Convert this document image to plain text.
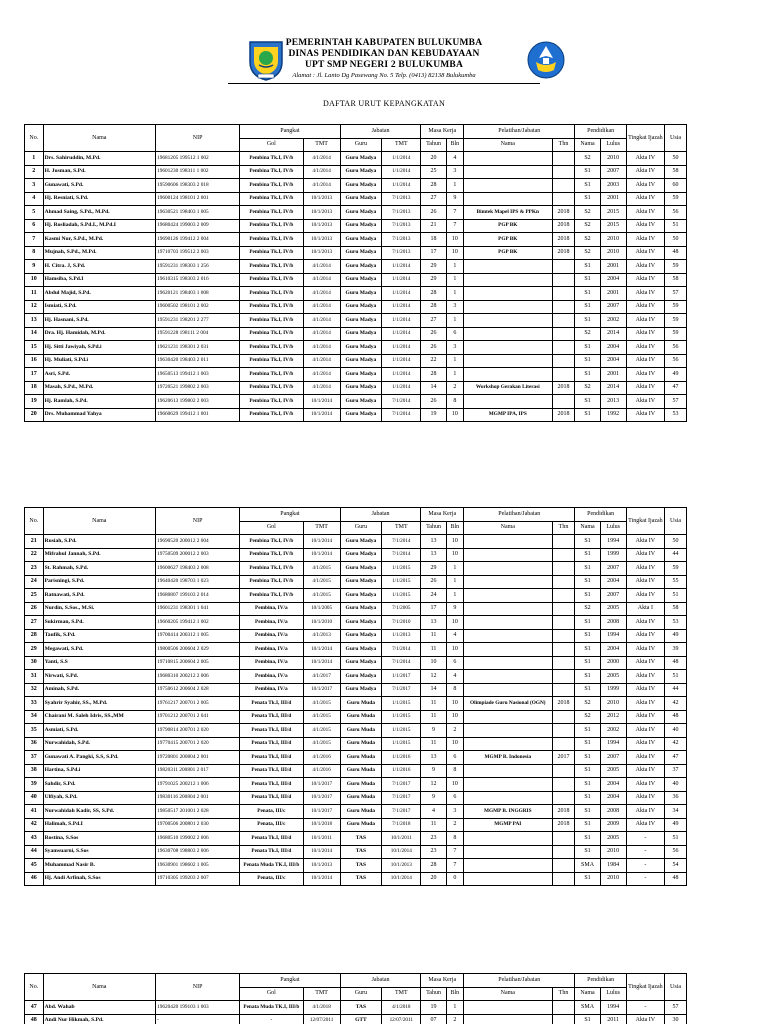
PEMERINTAH KABUPATEN BULUKUMBA
DINAS PENDIDIKAN DAN KEBUDAYAAN
UPT SMP NEGERI 2 BULUKUMBA
Alamat : Jl. Lanto Dg Pasewang No. 5 Telp. (0413) 82138 Bulukumba
DAFTAR URUT KEPANGKATAN
No.	Nama	NIP	Pangkat		Jabatan		Masa Kerja		Pelatihan/Jabatan		Pendidikan		Tingkat Ijazah	Usia
			Gol	TMT	Guru	TMT	Tahun	Bln	Nama	Thn	Nama	Lulus		
1	Drs. Sahiruddin, M.Pd.	19681205 199512 1 002	Pembina Tk.I, IV/b	4/1/2014	Guru Madya	1/1/2014	20	4			S2	2010	Akta IV	50
2	H. Jusman, S.Pd.	19601230 198311 1 002	Pembina Tk.I, IV/b	4/1/2014	Guru Madya	1/1/2014	25	3			S1	2007	Akta IV	58
3	Gunawati, S.Pd.	19590606 198303 2 018	Pembina Tk.I, IV/b	4/1/2014	Guru Madya	1/1/2014	28	1			S1	2003	Akta IV	60
4	Hj. Resniati, S.Pd.	19600124 198101 2 001	Pembina Tk.I, IV/b	10/1/2013	Guru Madya	7/1/2013	27	9			S1	2001	Akta IV	59
5	Ahmad Saing, S.Pd., M.Pd.	19630521 198403 1 005	Pembina Tk.I, IV/b	10/1/2013	Guru Madya	7/1/2013	26	7	Bimtek Mapel IPS & PPKn	2018	S2	2015	Akta IV	56
6	Hj. Rosliadah, S.Pd.I., M.Pd.I	19680424 199003 2 009	Pembina Tk.I, IV/b	10/1/2013	Guru Madya	7/1/2013	21	7	PGP BK	2018	S2	2015	Akta IV	51
7	Kasmi Nur, S.Pd., M.Pd.	19690126 199412 2 004	Pembina Tk.I, IV/b	10/1/2013	Guru Madya	7/1/2013	18	10	PGP BK	2018	S2	2010	Akta IV	50
8	Mujnah, S.Pd., M.Pd.	19710703 199512 2 003	Pembina Tk.I, IV/b	10/1/2013	Guru Madya	7/1/2013	17	10	PGP BK	2018	S2	2010	Akta IV	48
9	H. Citra. J, S.Pd.	19591231 198303 1 256	Pembina Tk.I, IV/b	4/1/2014	Guru Madya	1/1/2014	29	1			S1	2001	Akta IV	59
10	Hamsiba, S.Pd.I	19610315 198303 2 016	Pembina Tk.I, IV/b	4/1/2014	Guru Madya	1/1/2014	29	1			S1	2004	Akta IV	58
11	Abdul Majid, S.Pd.	19620121 198403 1 008	Pembina Tk.I, IV/b	4/1/2014	Guru Madya	1/1/2014	28	1			S1	2001	Akta IV	57
12	Ismiati, S.Pd.	19600502 198101 2 002	Pembina Tk.I, IV/b	4/1/2014	Guru Madya	1/1/2014	28	3			S1	2007	Akta IV	59
13	Hj. Hasnani, S.Pd.	19591231 198201 2 277	Pembina Tk.I, IV/b	4/1/2014	Guru Madya	1/1/2014	27	1			S1	2002	Akta IV	59
14	Dra. Hj. Hamidah, M.Pd.	19591228 198111 2 004	Pembina Tk.I, IV/b	4/1/2014	Guru Madya	1/1/2014	26	6			S2	2014	Akta IV	59
15	Hj. Sitti Jawiyah, S.Pd.i	19621231 198301 2 031	Pembina Tk.I, IV/b	4/1/2014	Guru Madya	1/1/2014	26	3			S1	2004	Akta IV	56
16	Hj. Muliati, S.Pd.i	19630420 198403 2 011	Pembina Tk.I, IV/b	4/1/2014	Guru Madya	1/1/2014	22	1			S1	2004	Akta IV	56
17	Asri, S.Pd.	19650513 199412 1 003	Pembina Tk.I, IV/b	4/1/2014	Guru Madya	1/1/2014	28	1			S1	2001	Akta IV	49
18	Masah, S.Pd., M.Pd.	19720521 199802 2 003	Pembina Tk.I, IV/b	4/1/2014	Guru Madya	1/1/2014	14	2	Workshop Gerakan Literasi	2018	S2	2014	Akta IV	47
19	Hj. Ramlah, S.Pd.	19620613 199802 2 003	Pembina Tk.I, IV/b	10/1/2014	Guru Madya	7/1/2014	26	8			S1	2013	Akta IV	57
20	Drs. Muhammad Yahya	19660629 199412 1 001	Pembina Tk.I, IV/b	10/1/2014	Guru Madya	7/1/2014	19	10	MGMP IPA, IPS	2018	S1	1992	Akta IV	53
No.	Nama	NIP	Pangkat		Jabatan		Masa Kerja		Pelatihan/Jabatan		Pendidikan		Tingkat Ijazah	Usia
			Gol	TMT	Guru	TMT	Tahun	Bln	Nama	Thn	Nama	Lulus		
21	Rusiah, S.Pd.	19690520 200012 2 004	Pembina Tk.I, IV/b	10/1/2014	Guru Madya	7/1/2014	13	10			S1	1994	Akta IV	50
22	Mifrahul Jannah, S.Pd.	19750509 200012 2 003	Pembina Tk.I, IV/b	10/1/2014	Guru Madya	7/1/2014	13	10			S1	1999	Akta IV	44
23	St. Rahmah, S.Pd.	19600627 198403 2 008	Pembina Tk.I, IV/b	4/1/2015	Guru Madya	1/1/2015	29	1			S1	2007	Akta IV	59
24	Parisningi, S.Pd.	19640420 198703 1 023	Pembina Tk.I, IV/b	4/1/2015	Guru Madya	1/1/2015	26	1			S1	2004	Akta IV	55
25	Ratnawati, S.Pd.	19680807 199103 2 014	Pembina Tk.I, IV/b	4/1/2015	Guru Madya	1/1/2015	24	1			S1	2007	Akta IV	51
26	Nurdin, S.Sos., M.Si.	19601231 198301 1 041	Pembina, IV/a	10/1/2005	Guru Madya	7/1/2005	17	9			S2	2005	Akta I	58
27	Sukirman, S.Pd.	19660205 199412 1 002	Pembina, IV/a	10/1/2010	Guru Madya	7/1/2010	13	10			S1	2008	Akta IV	53
28	Taufik, S.Pd.	19700414 200312 1 005	Pembina, IV/a	4/1/2013	Guru Madya	1/1/2013	11	4			S1	1994	Akta IV	49
29	Megawati, S.Pd.	19800506 200604 2 029	Pembina, IV/a	10/1/2014	Guru Madya	7/1/2014	11	10			S1	2004	Akta IV	39
30	Yanti, S.S	19710815 200604 2 005	Pembina, IV/a	10/1/2014	Guru Madya	7/1/2014	10	6			S1	2000	Akta IV	48
31	Nirwati, S.Pd.	19680310 200212 2 006	Pembina, IV/a	4/1/2017	Guru Madya	1/1/2017	12	4			S1	2005	Akta IV	51
32	Aminah, S.Pd.	19750612 200604 2 028	Pembina, IV/a	10/1/2017	Guru Madya	7/1/2017	14	8			S1	1999	Akta IV	44
33	Syahrir Syahir, SS., M.Pd.	19761217 200701 2 005	Penata Tk.I, III/d	4/1/2015	Guru Muda	1/1/2015	11	10	Olimpiade Guru Nasional (OGN)	2018	S2	2010	Akta IV	42
34	Chairani M. Saleh Idris, SS.,MM	19701212 200701 2 041	Penata Tk.I, III/d	4/1/2015	Guru Muda	1/1/2015	11	10			S2	2012	Akta IV	48
35	Asmiati, S.Pd.	19790814 200701 2 020	Penata Tk.I, III/d	4/1/2015	Guru Muda	1/1/2015	9	2			S1	2002	Akta IV	40
36	Nurwahidah, S.Pd.	19770415 200701 2 020	Penata Tk.I, III/d	4/1/2015	Guru Muda	1/1/2015	11	10			S1	1994	Akta IV	42
37	Gunawati A. Pangki, S.S, S.Pd.	19720801 200804 2 001	Penata Tk.I, III/d	4/1/2016	Guru Muda	1/1/2016	13	6	MGMP B. Indonesia	2017	S1	2007	Akta IV	47
38	Hartina, S.Pd.i	19820311 200801 2 017	Penata Tk.I, III/d	4/1/2016	Guru Muda	1/1/2016	9	8			S1	2005	Akta IV	37
39	Sahdir, S.Pd.	19791025 200212 1 006	Penata Tk.I, III/d	10/1/2017	Guru Muda	7/1/2017	12	10			S1	2004	Akta IV	40
40	Ulfiyah, S.Pd.	19830116 200804 2 001	Penata Tk.I, III/d	10/1/2017	Guru Muda	7/1/2017	9	6			S1	2004	Akta IV	36
41	Nurwahidah Kadir, SS, S.Pd.	19850517 201001 2 028	Penata, III/c	10/1/2017	Guru Muda	7/1/2017	4	3	MGMP B. INGGRIS	2018	S1	2008	Akta IV	34
42	Halimah, S.Pd.I	19700506 200801 2 030	Penata, III/c	10/1/2018	Guru Muda	7/1/2018	11	2	MGMP PAI	2018	S1	2009	Akta IV	49
43	Rostina, S.Sos	19680510 199002 2 006	Penata Tk.I, III/d	10/1/2011	TAS	10/1/2011	23	8			S1	2005	-	51
44	Syamsuarni, S.Sos	19630708 198803 2 006	Penata Tk.I, III/d	10/1/2014	TAS	10/1/2014	23	7			S1	2010	-	56
45	Muhammad Nasir B.	19630901 198602 1 005	Penata Muda TK.I, III/b	10/1/2013	TAS	10/1/2013	28	7			SMA	1984	-	54
46	Hj. Andi Arfinah, S.Sos	19710305 199203 2 007	Penata, III/c	10/1/2014	TAS	10/1/2014	20	0			S1	2010	-	48
No.	Nama	NIP	Pangkat		Jabatan		Masa Kerja		Pelatihan/Jabatan		Pendidikan		Tingkat Ijazah	Usia
			Gol	TMT	Guru	TMT	Tahun	Bln	Nama	Thn	Nama	Lulus		
47	Abd. Wahab	19620420 199103 1 003	Penata Muda TK.I, III/b	4/1/2018	TAS	4/1/2018	19	1			SMA	1994	-	57
48	Andi Nur Hikmah, S.Pd.	-	-	12/07/2011	GTT	12/07/2011	07	2			S1	2011	Akta IV	30
